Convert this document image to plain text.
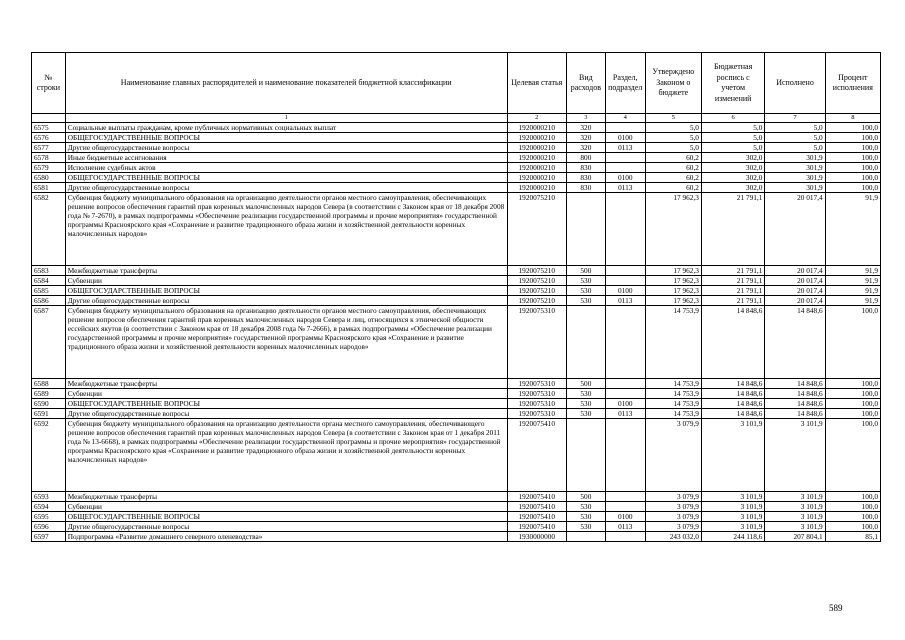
№ строки	Наименование главных распорядителей и наименование показателей бюджетной классификации	Целевая статья	Вид расходов	Раздел, подраздел	Утверждено Законом о бюджете	Бюджетная роспись с учетом изменений	Исполнено	Процент исполнения
	1	2	3	4	5	6	7	8
6575	Социальные выплаты гражданам, кроме публичных нормативных социальных выплат	1920000210	320		5,0	5,0	5,0	100,0
6576	ОБЩЕГОСУДАРСТВЕННЫЕ ВОПРОСЫ	1920000210	320	0100	5,0	5,0	5,0	100,0
6577	Другие общегосударственные вопросы	1920000210	320	0113	5,0	5,0	5,0	100,0
6578	Иные бюджетные ассигнования	1920000210	800		60,2	302,0	301,9	100,0
6579	Исполнение судебных актов	1920000210	830		60,2	302,0	301,9	100,0
6580	ОБЩЕГОСУДАРСТВЕННЫЕ ВОПРОСЫ	1920000210	830	0100	60,2	302,0	301,9	100,0
6581	Другие общегосударственные вопросы	1920000210	830	0113	60,2	302,0	301,9	100,0
6582	Субвенция бюджету муниципального образования на организацию деятельности органов местного самоуправления, обеспечивающих решение вопросов обеспечения гарантий прав коренных малочисленных народов Севера (в соответствии с Законом края от 18 декабря 2008 года № 7-2670), в рамках подпрограммы «Обеспечение реализации государственной программы и прочие мероприятия» государственной программы Красноярского края «Сохранение и развитие традиционного образа жизни и хозяйственной деятельности коренных малочисленных народов»	1920075210			17 962,3	21 791,1	20 017,4	91,9
6583	Межбюджетные трансферты	1920075210	500		17 962,3	21 791,1	20 017,4	91,9
6584	Субвенции	1920075210	530		17 962,3	21 791,1	20 017,4	91,9
6585	ОБЩЕГОСУДАРСТВЕННЫЕ ВОПРОСЫ	1920075210	530	0100	17 962,3	21 791,1	20 017,4	91,9
6586	Другие общегосударственные вопросы	1920075210	530	0113	17 962,3	21 791,1	20 017,4	91,9
6587	Субвенция бюджету муниципального образования на организацию деятельности органов местного самоуправления, обеспечивающих решение вопросов обеспечения гарантий прав коренных малочисленных народов Севера и лиц, относящихся к этнической общности ессейских якутов (в соответствии с Законом края от 18 декабря 2008 года № 7-2666), в рамках подпрограммы «Обеспечение реализации государственной программы и прочие мероприятия» государственной программы Красноярского края «Сохранение и развитие традиционного образа жизни и хозяйственной деятельности коренных малочисленных народов»	1920075310			14 753,9	14 848,6	14 848,6	100,0
6588	Межбюджетные трансферты	1920075310	500		14 753,9	14 848,6	14 848,6	100,0
6589	Субвенции	1920075310	530		14 753,9	14 848,6	14 848,6	100,0
6590	ОБЩЕГОСУДАРСТВЕННЫЕ ВОПРОСЫ	1920075310	530	0100	14 753,9	14 848,6	14 848,6	100,0
6591	Другие общегосударственные вопросы	1920075310	530	0113	14 753,9	14 848,6	14 848,6	100,0
6592	Субвенция бюджету муниципального образования на организацию деятельности органа местного самоуправления, обеспечивающего решение вопросов обеспечения гарантий прав коренных малочисленных народов Севера (в соответствии с Законом края от 1 декабря 2011 года № 13-6668), в рамках подпрограммы «Обеспечение реализации государственной программы и прочие мероприятия» государственной программы Красноярского края «Сохранение и развитие традиционного образа жизни и хозяйственной деятельности коренных малочисленных народов»	1920075410			3 079,9	3 101,9	3 101,9	100,0
6593	Межбюджетные трансферты	1920075410	500		3 079,9	3 101,9	3 101,9	100,0
6594	Субвенции	1920075410	530		3 079,9	3 101,9	3 101,9	100,0
6595	ОБЩЕГОСУДАРСТВЕННЫЕ ВОПРОСЫ	1920075410	530	0100	3 079,9	3 101,9	3 101,9	100,0
6596	Другие общегосударственные вопросы	1920075410	530	0113	3 079,9	3 101,9	3 101,9	100,0
6597	Подпрограмма «Развитие домашнего северного оленеводства»	1930000000			243 032,0	244 118,6	207 804,1	85,1
589
